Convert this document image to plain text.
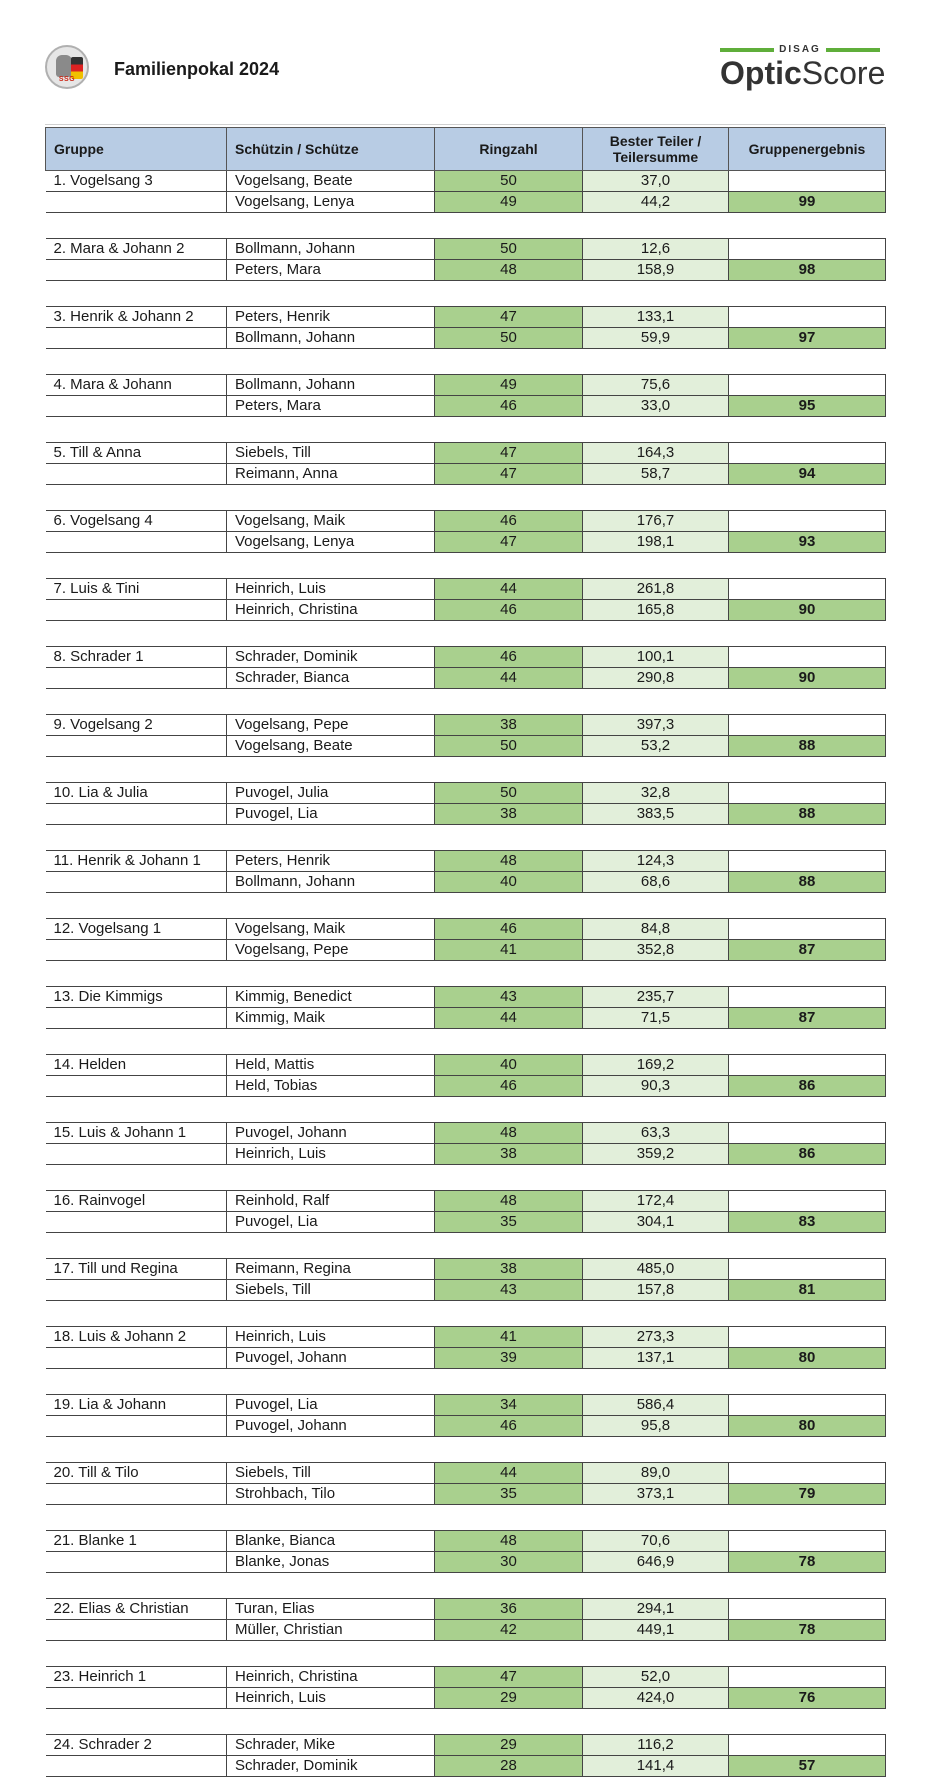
SSG
Familienpokal 2024
DISAG
OpticScore
Gruppe	Schützin / Schütze	Ringzahl	Bester Teiler /
Teilersumme	Gruppenergebnis
1. Vogelsang 3	Vogelsang, Beate	50	37,0	
	Vogelsang, Lenya	49	44,2	99

2. Mara & Johann 2	Bollmann, Johann	50	12,6	
	Peters, Mara	48	158,9	98

3. Henrik & Johann 2	Peters, Henrik	47	133,1	
	Bollmann, Johann	50	59,9	97

4. Mara & Johann	Bollmann, Johann	49	75,6	
	Peters, Mara	46	33,0	95

5. Till & Anna	Siebels, Till	47	164,3	
	Reimann, Anna	47	58,7	94

6. Vogelsang 4	Vogelsang, Maik	46	176,7	
	Vogelsang, Lenya	47	198,1	93

7. Luis & Tini	Heinrich, Luis	44	261,8	
	Heinrich, Christina	46	165,8	90

8. Schrader 1	Schrader, Dominik	46	100,1	
	Schrader, Bianca	44	290,8	90

9. Vogelsang 2	Vogelsang, Pepe	38	397,3	
	Vogelsang, Beate	50	53,2	88

10. Lia & Julia	Puvogel, Julia	50	32,8	
	Puvogel, Lia	38	383,5	88

11. Henrik & Johann 1	Peters, Henrik	48	124,3	
	Bollmann, Johann	40	68,6	88

12. Vogelsang 1	Vogelsang, Maik	46	84,8	
	Vogelsang, Pepe	41	352,8	87

13. Die Kimmigs	Kimmig, Benedict	43	235,7	
	Kimmig, Maik	44	71,5	87

14. Helden	Held, Mattis	40	169,2	
	Held, Tobias	46	90,3	86

15. Luis & Johann 1	Puvogel, Johann	48	63,3	
	Heinrich, Luis	38	359,2	86

16. Rainvogel	Reinhold, Ralf	48	172,4	
	Puvogel, Lia	35	304,1	83

17. Till und Regina	Reimann, Regina	38	485,0	
	Siebels, Till	43	157,8	81

18. Luis & Johann 2	Heinrich, Luis	41	273,3	
	Puvogel, Johann	39	137,1	80

19. Lia & Johann	Puvogel, Lia	34	586,4	
	Puvogel, Johann	46	95,8	80

20. Till & Tilo	Siebels, Till	44	89,0	
	Strohbach, Tilo	35	373,1	79

21. Blanke 1	Blanke, Bianca	48	70,6	
	Blanke, Jonas	30	646,9	78

22. Elias & Christian	Turan, Elias	36	294,1	
	Müller, Christian	42	449,1	78

23. Heinrich 1	Heinrich, Christina	47	52,0	
	Heinrich, Luis	29	424,0	76

24. Schrader 2	Schrader, Mike	29	116,2	
	Schrader, Dominik	28	141,4	57
